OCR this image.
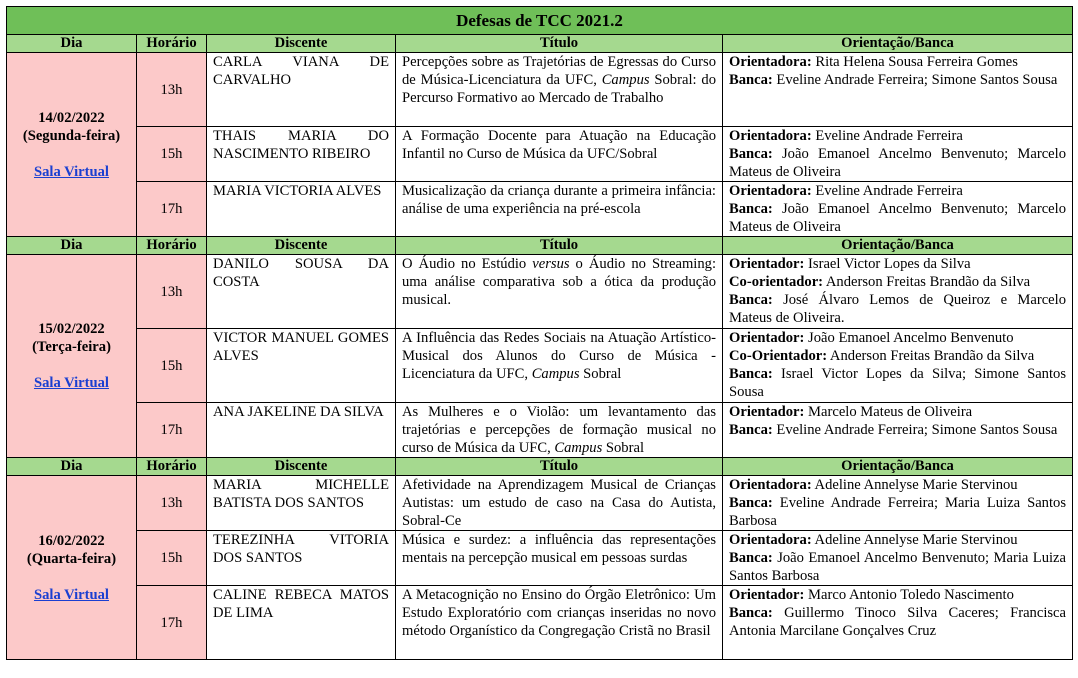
Defesas de TCC 2021.2				
Dia	Horário	Discente	Título	Orientação/Banca

14/02/2022
(Segunda-feira)
Sala Virtual	13h	CARLA VIANA DE CARVALHO	Percepções sobre as Trajetórias de Egressas do Curso de Música-Licenciatura da UFC, Campus Sobral: do Percurso Formativo ao Mercado de Trabalho	Orientadora: Rita Helena Sousa Ferreira Gomes
Banca: Eveline Andrade Ferreira; Simone Santos Sousa

	15h	THAIS MARIA DO NASCIMENTO RIBEIRO	A Formação Docente para Atuação na Educação Infantil no Curso de Música da UFC/Sobral	Orientadora: Eveline Andrade Ferreira
Banca: João Emanoel Ancelmo Benvenuto; Marcelo Mateus de Oliveira

	17h	MARIA VICTORIA ALVES	Musicalização da criança durante a primeira infância: análise de uma experiência na pré-escola	Orientadora: Eveline Andrade Ferreira
Banca: João Emanoel Ancelmo Benvenuto; Marcelo Mateus de Oliveira

Dia	Horário	Discente	Título	Orientação/Banca

15/02/2022
(Terça-feira)
Sala Virtual	13h	DANILO SOUSA DA COSTA	O Áudio no Estúdio versus o Áudio no Streaming: uma análise comparativa sob a ótica da produção musical.	Orientador: Israel Victor Lopes da Silva
Co-orientador: Anderson Freitas Brandão da Silva
Banca: José Álvaro Lemos de Queiroz e Marcelo Mateus de Oliveira.

	15h	VICTOR MANUEL GOMES ALVES	A Influência das Redes Sociais na Atuação Artístico-Musical dos Alunos do Curso de Música - Licenciatura da UFC, Campus Sobral	Orientador: João Emanoel Ancelmo Benvenuto
Co-Orientador: Anderson Freitas Brandão da Silva
Banca: Israel Victor Lopes da Silva; Simone Santos Sousa

	17h	ANA JAKELINE DA SILVA	As Mulheres e o Violão: um levantamento das trajetórias e percepções de formação musical no curso de Música da UFC, Campus Sobral	Orientador: Marcelo Mateus de Oliveira
Banca: Eveline Andrade Ferreira; Simone Santos Sousa

Dia	Horário	Discente	Título	Orientação/Banca

16/02/2022
(Quarta-feira)
Sala Virtual	13h	MARIA MICHELLE BATISTA DOS SANTOS	Afetividade na Aprendizagem Musical de Crianças Autistas: um estudo de caso na Casa do Autista, Sobral-Ce	Orientadora: Adeline Annelyse Marie Stervinou
Banca: Eveline Andrade Ferreira; Maria Luiza Santos Barbosa

	15h	TEREZINHA VITORIA DOS SANTOS	Música e surdez: a influência das representações mentais na percepção musical em pessoas surdas	Orientadora: Adeline Annelyse Marie Stervinou
Banca: João Emanoel Ancelmo Benvenuto; Maria Luiza Santos Barbosa

	17h	CALINE REBECA MATOS DE LIMA	A Metacognição no Ensino do Órgão Eletrônico: Um Estudo Exploratório com crianças inseridas no novo método Organístico da Congregação Cristã no Brasil	Orientador: Marco Antonio Toledo Nascimento
Banca: Guillermo Tinoco Silva Caceres; Francisca Antonia Marcilane Gonçalves Cruz
